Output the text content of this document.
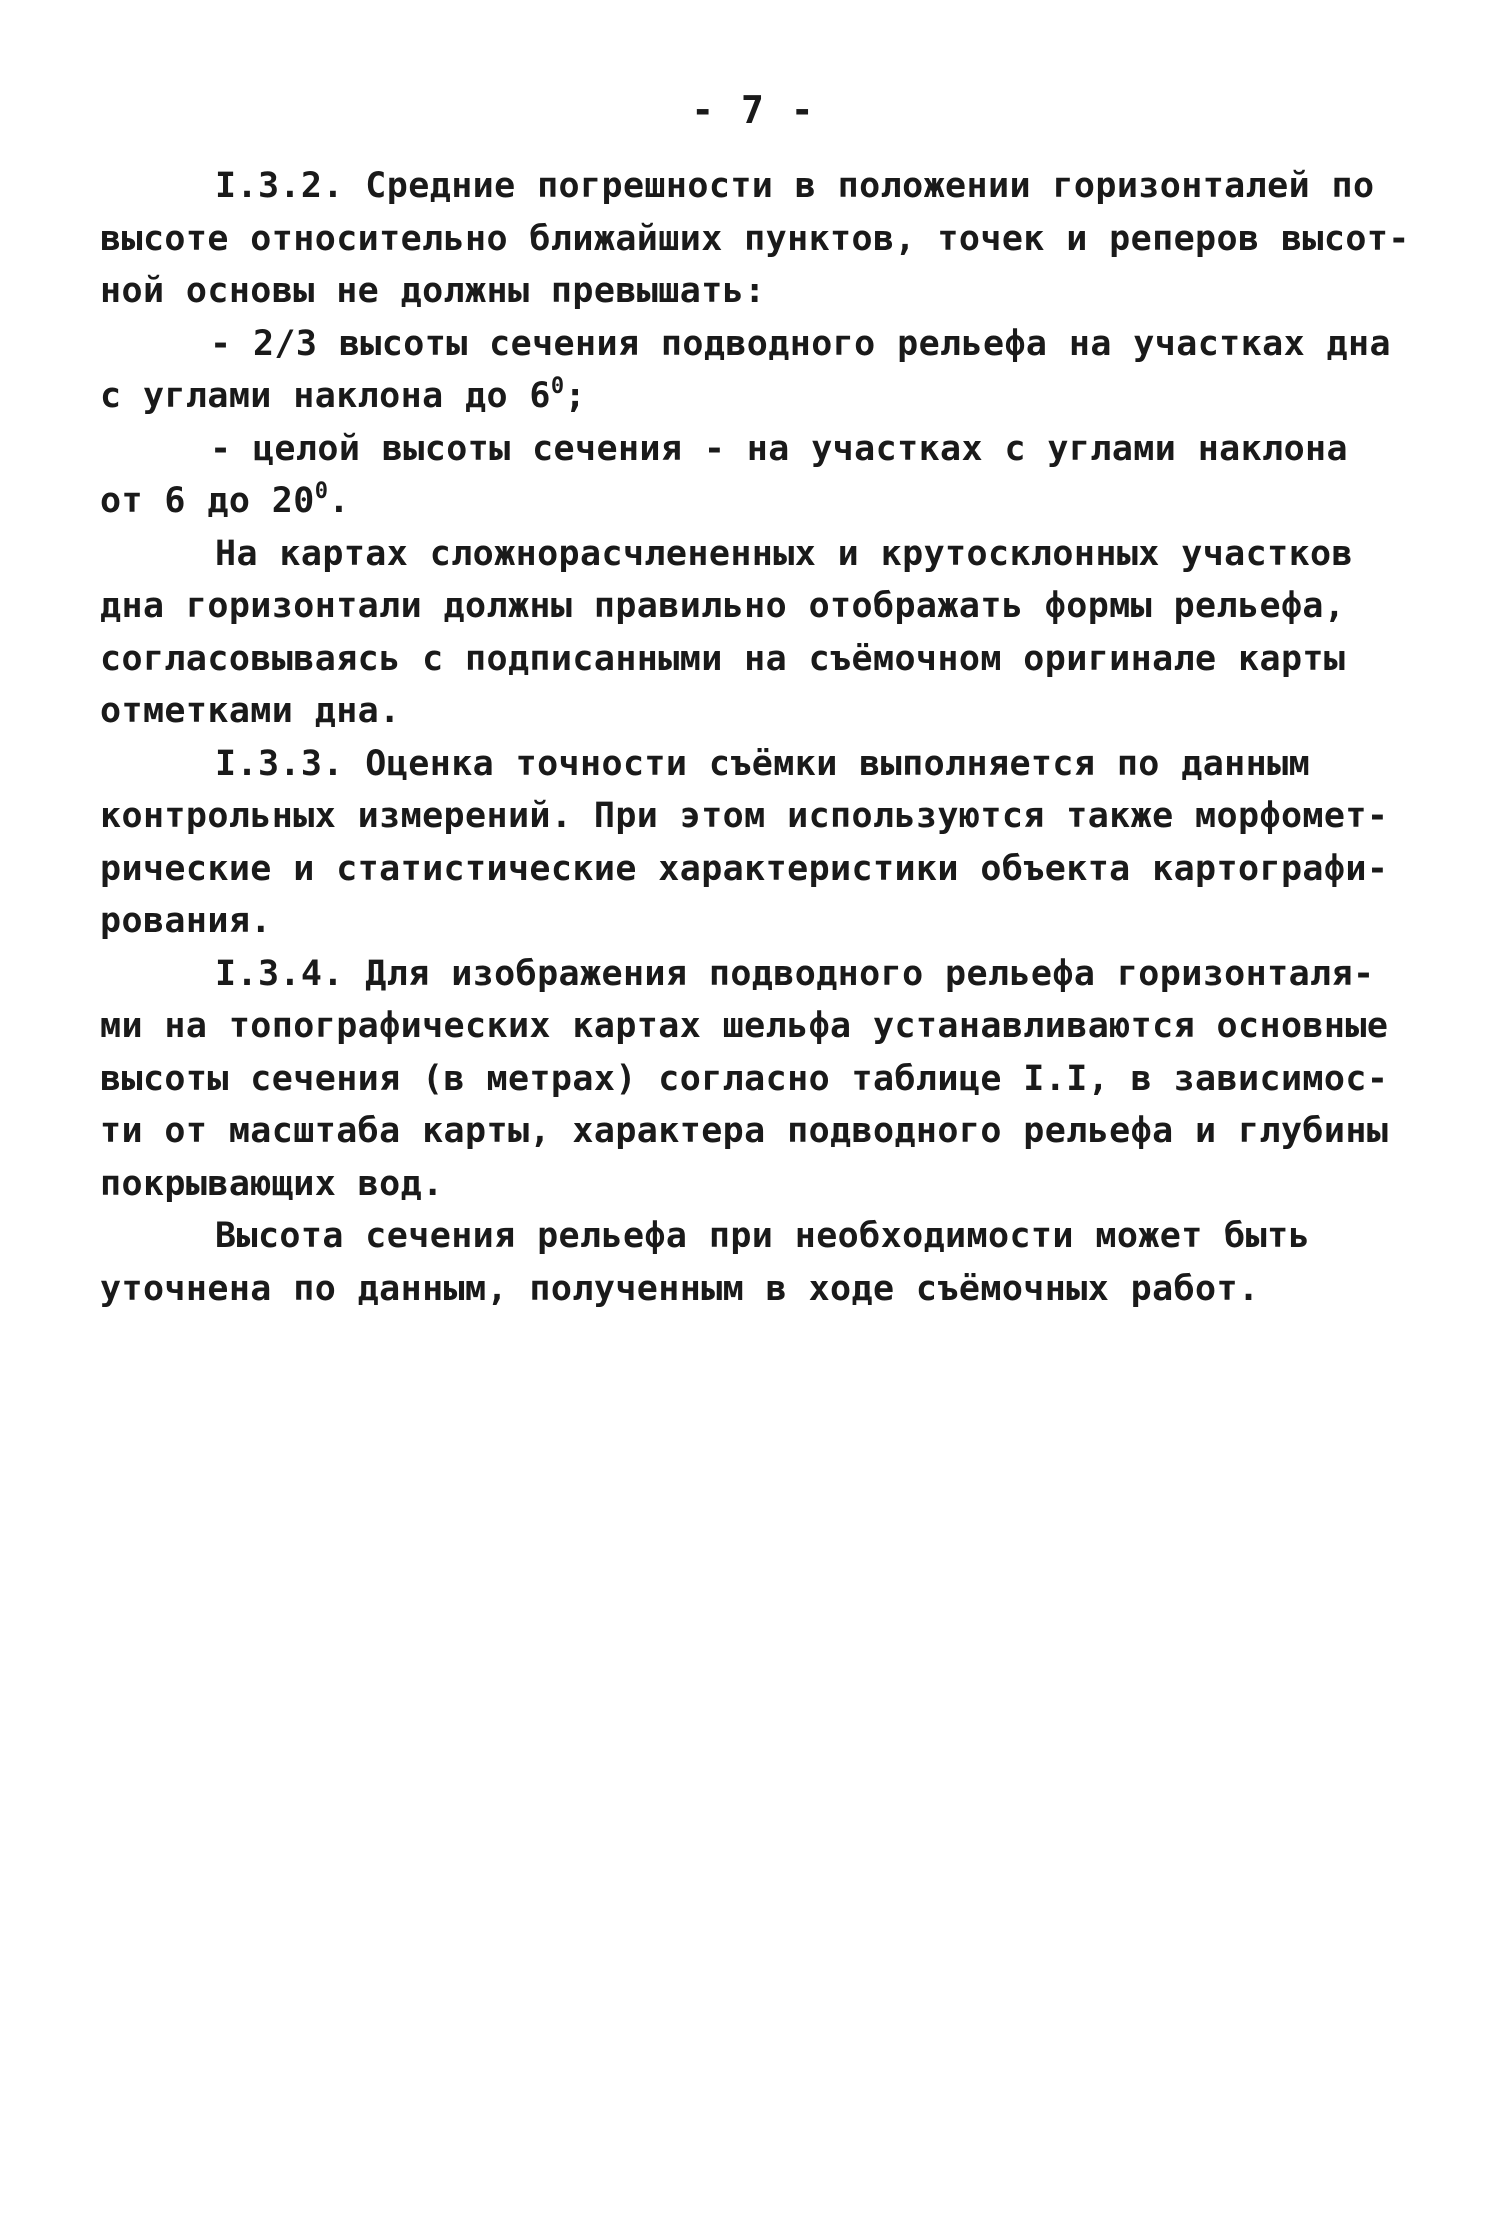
- 7 -
I.3.2. Средние погрешности в положении горизонталей по
высоте относительно ближайших пунктов, точек и реперов высот-
ной основы не должны превышать:
- 2/3 высоты сечения подводного рельефа на участках дна
с углами наклона до $6^0$;
- целой высоты сечения - на участках с углами наклона
от 6 до $20^0$.
На картах сложнорасчлененных и крутосклонных участков
дна горизонтали должны правильно отображать формы рельефа,
согласовываясь с подписанными на съёмочном оригинале карты
отметками дна.
I.3.3. Оценка точности съёмки выполняется по данным
контрольных измерений. При этом используются также морфомет-
рические и статистические характеристики объекта картографи-
рования.
I.3.4. Для изображения подводного рельефа горизонталя-
ми на топографических картах шельфа устанавливаются основные
высоты сечения (в метрах) согласно таблице I.I, в зависимос-
ти от масштаба карты, характера подводного рельефа и глубины
покрывающих вод.
Высота сечения рельефа при необходимости может быть
уточнена по данным, полученным в ходе съёмочных работ.
